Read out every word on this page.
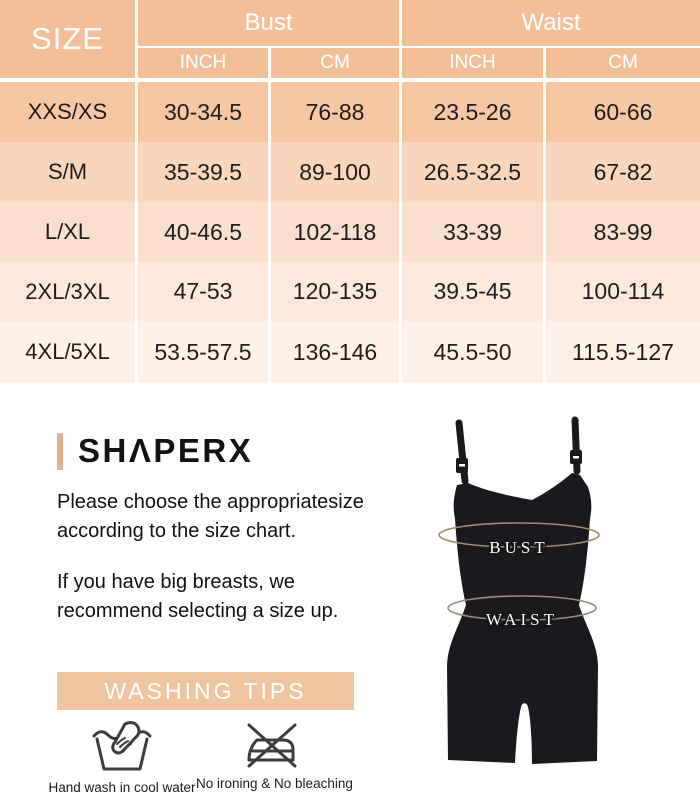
SIZE	Bust	Waist
INCH	CM	INCH	CM
XXS/XS	30-34.5	76-88	23.5-26	60-66
S/M	35-39.5	89-100	26.5-32.5	67-82
L/XL	40-46.5	102-118	33-39	83-99
2XL/3XL	47-53	120-135	39.5-45	100-114
4XL/5XL	53.5-57.5	136-146	45.5-50	115.5-127
SHΛPERX
Please choose the appropriatesize according to the size chart.
If you have big breasts, we recommend selecting a size up.
WASHING TIPS
Hand wash in cool water No ironing & No bleaching
BUST
WAIST
